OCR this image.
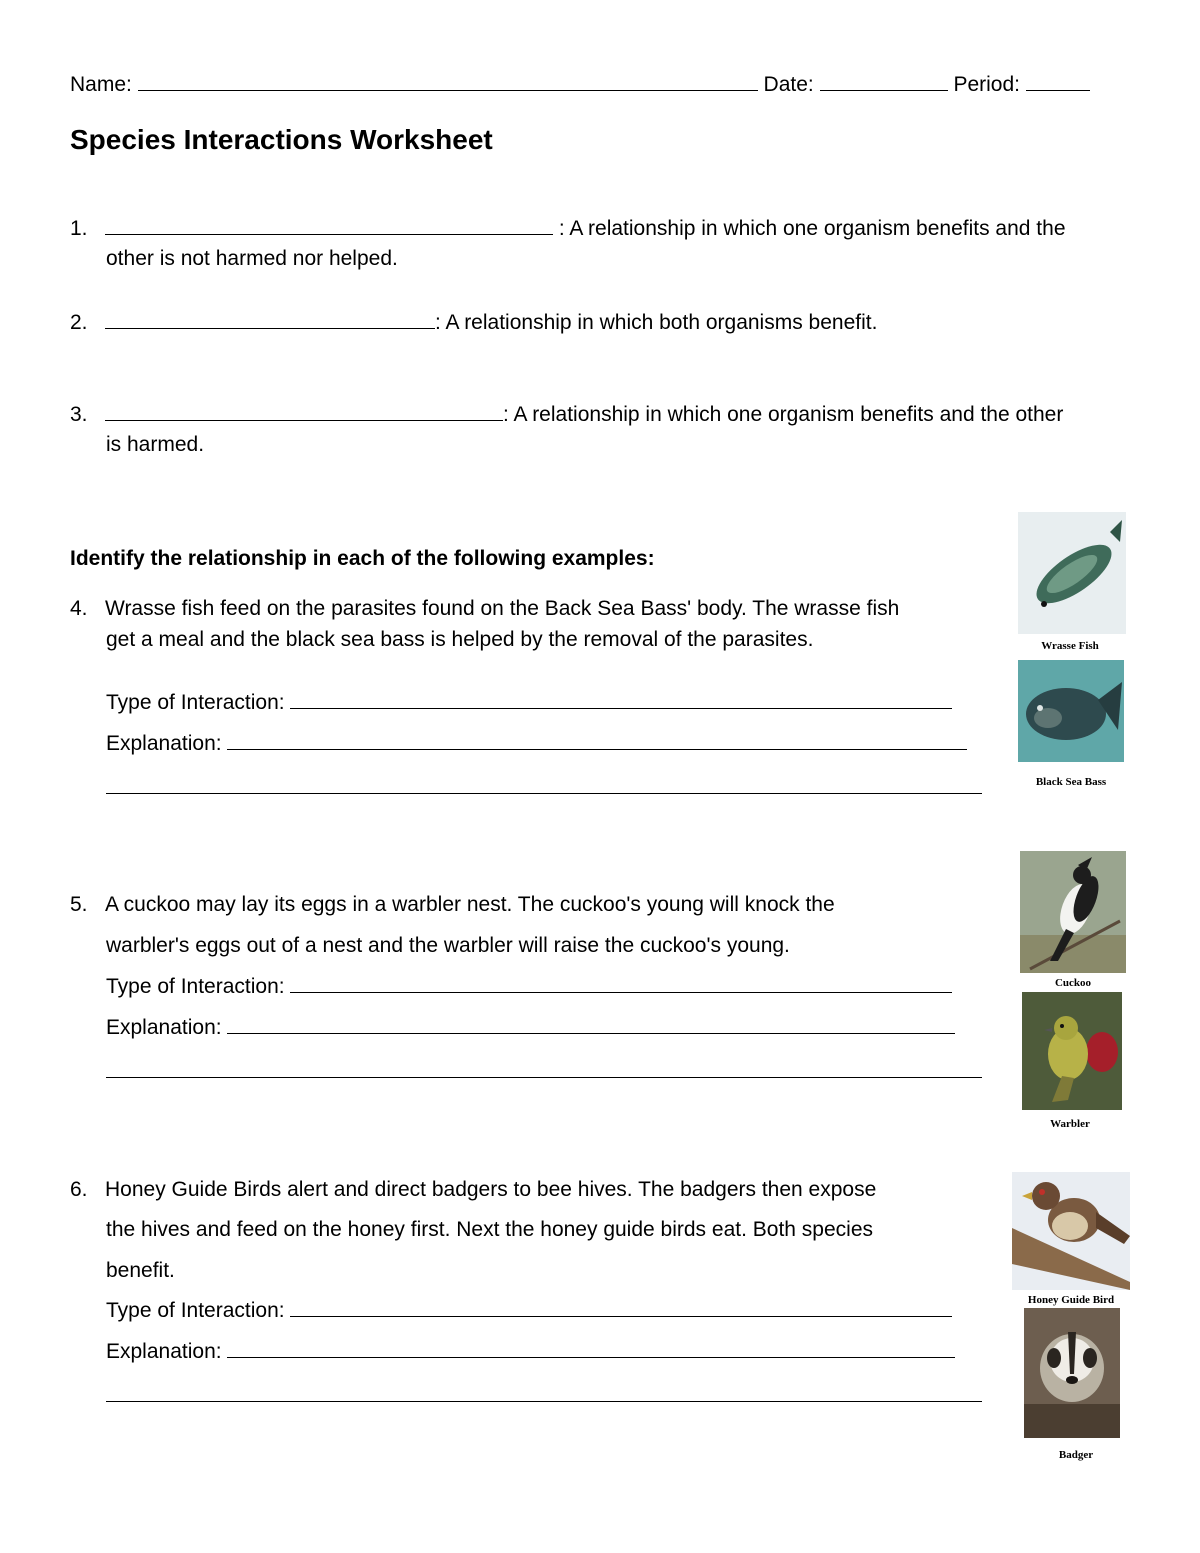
Name:	Date:	Period:
Species Interactions Worksheet
1.	: A relationship in which one organism benefits and the
other is not harmed nor helped.
2.	: A relationship in which both organisms benefit.
3.	: A relationship in which one organism benefits and the other
is harmed.
Identify the relationship in each of the following examples:
4. Wrasse fish feed on the parasites found on the Back Sea Bass' body. The wrasse fish
get a meal and the black sea bass is helped by the removal of the parasites.
Type of Interaction:
Explanation:
5. A cuckoo may lay its eggs in a warbler nest. The cuckoo's young will knock the
warbler's eggs out of a nest and the warbler will raise the cuckoo's young.
Type of Interaction:
Explanation:
6. Honey Guide Birds alert and direct badgers to bee hives. The badgers then expose
the hives and feed on the honey first. Next the honey guide birds eat. Both species
benefit.
Type of Interaction:
Explanation:
Wrasse Fish
Black Sea Bass
Cuckoo
Warbler
Honey Guide Bird
Badger
